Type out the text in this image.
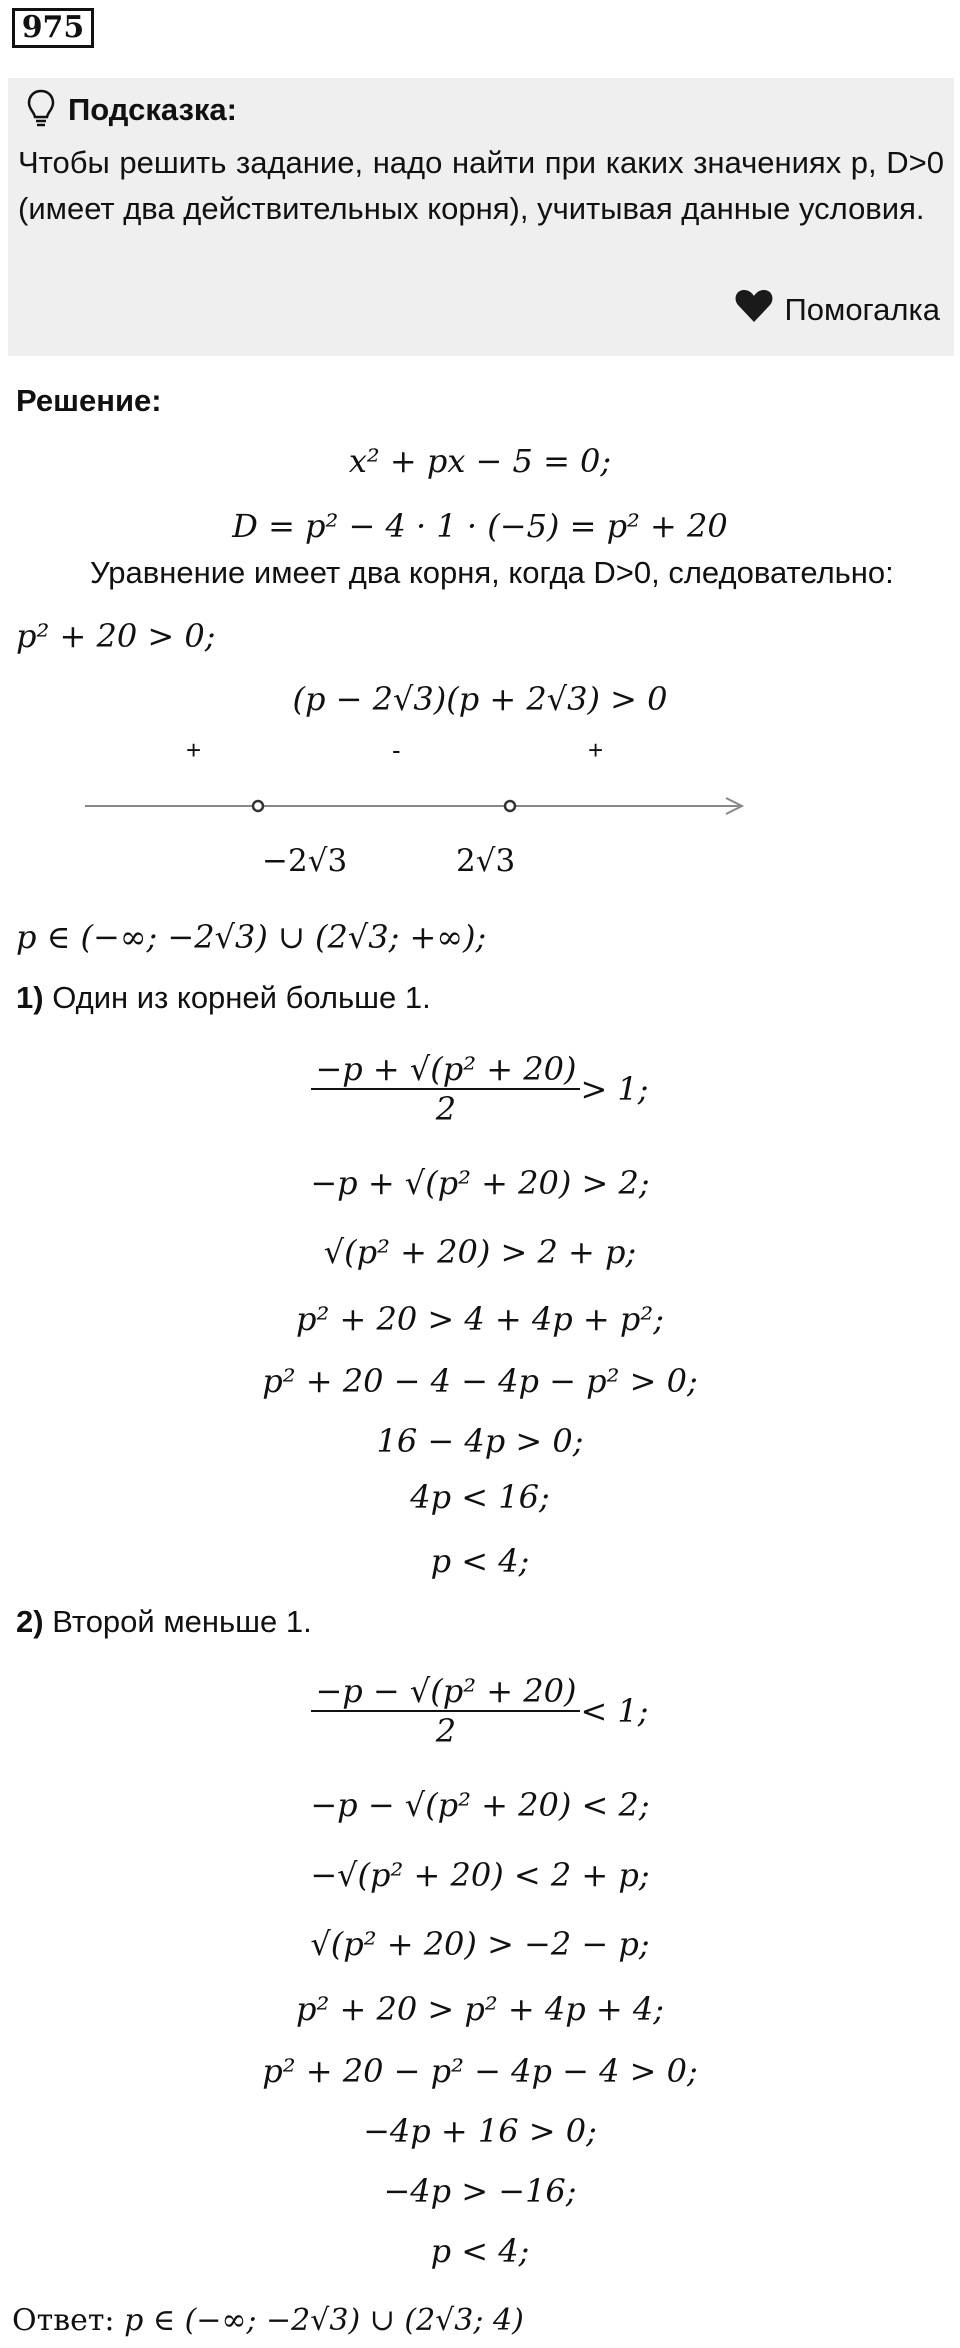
975
Подсказка:
Чтобы решить задание, надо найти при каких значениях p, D>0 (имеет два действительных корня), учитывая данные условия.
Помогалка
Решение:
x² + px − 5 = 0;
D = p² − 4 · 1 · (−5) = p² + 20
Уравнение имеет два корня, когда D>0, следовательно:
p² + 20 > 0;
(p − 2√3)(p + 2√3) > 0
+	-	+
−2√3	2√3
p ∈ (−∞; −2√3) ∪ (2√3; +∞);
1) Один из корней больше 1.
$\frac{\text{−p + √(p² + 20)}}{2} > 1$;
−p + √(p² + 20) > 2;
√(p² + 20) > 2 + p;
p² + 20 > 4 + 4p + p²;
p² + 20 − 4 − 4p − p² > 0;
16 − 4p > 0;
4p < 16;
p < 4;
2) Второй меньше 1.
$\frac{\text{−p − √(p² + 20)}}{2} < 1$;
−p − √(p² + 20) < 2;
−√(p² + 20) < 2 + p;
√(p² + 20) > −2 − p;
p² + 20 > p² + 4p + 4;
p² + 20 − p² − 4p − 4 > 0;
−4p + 16 > 0;
−4p > −16;
p < 4;
Ответ: p ∈ (−∞; −2√3) ∪ (2√3; 4)
